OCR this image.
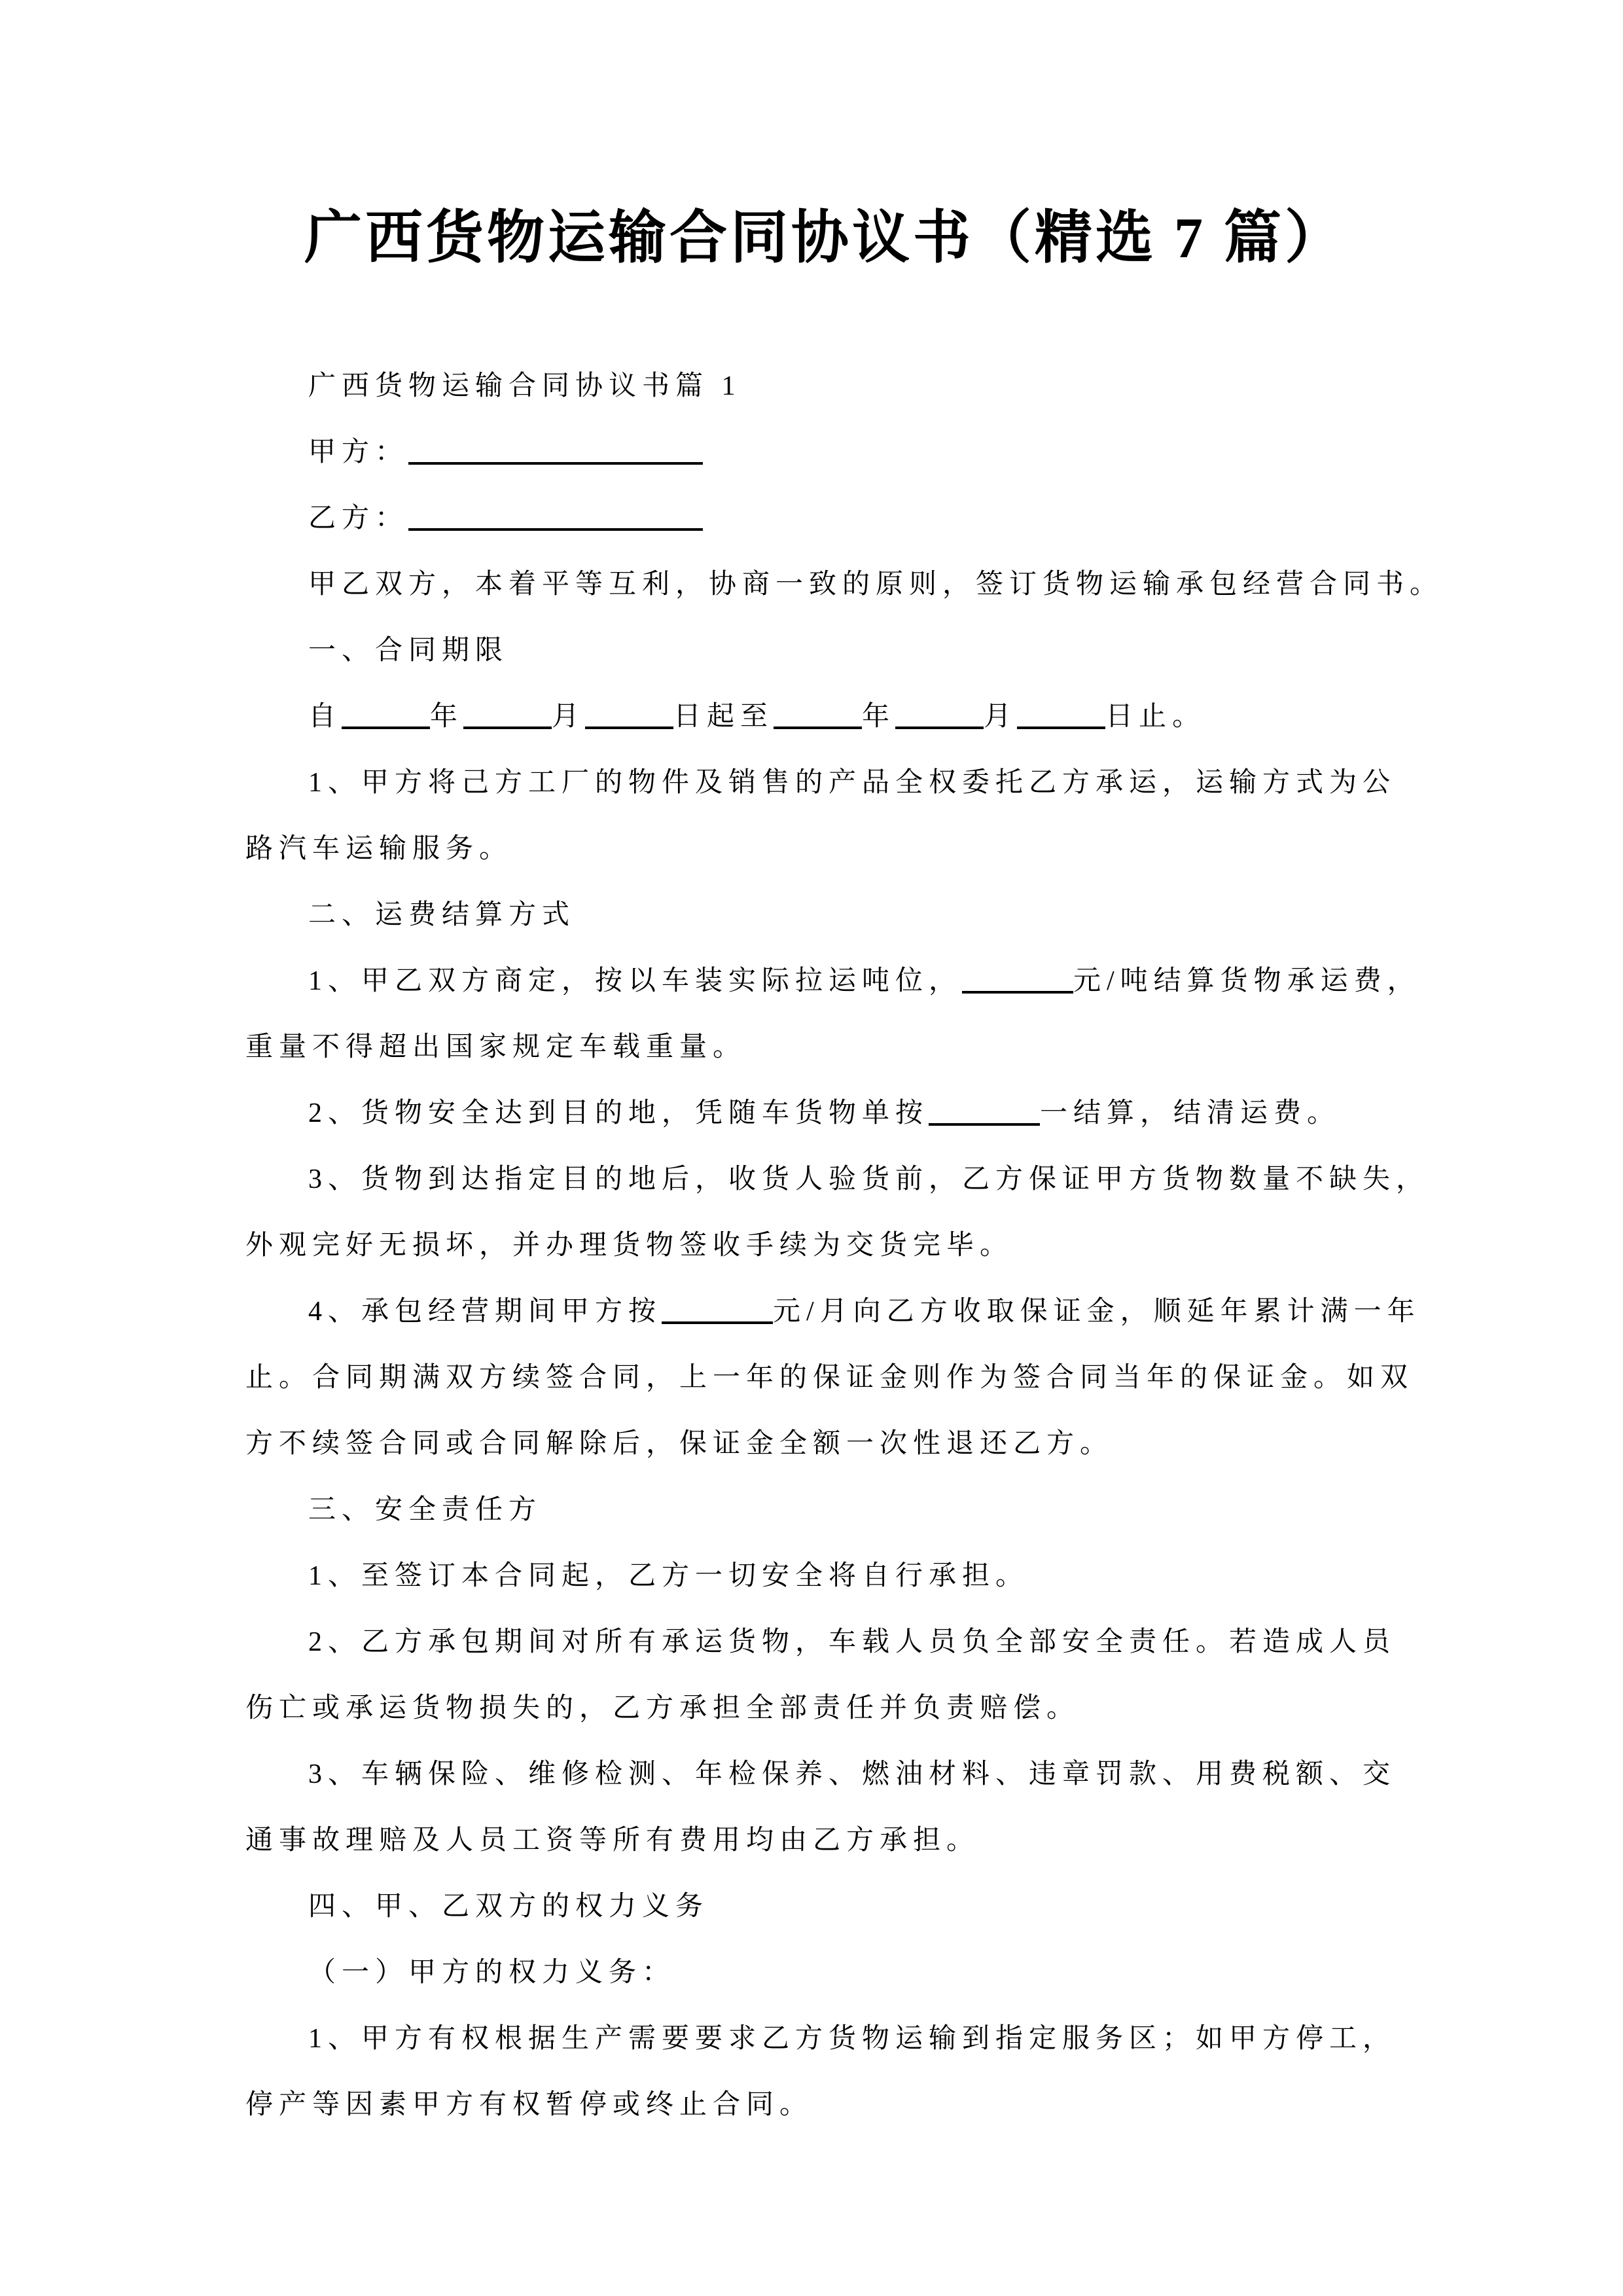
广西货物运输合同协议书（精选 7 篇）
广西货物运输合同协议书篇 1
甲方：
乙方：
甲乙双方，本着平等互利，协商一致的原则，签订货物运输承包经营合同书。
一、合同期限
自	年	月	日起至	年	月	日止。
1、甲方将己方工厂的物件及销售的产品全权委托乙方承运，运输方式为公
路汽车运输服务。
二、运费结算方式
1、甲乙双方商定，按以车装实际拉运吨位，	元/吨结算货物承运费，
重量不得超出国家规定车载重量。
2、货物安全达到目的地，凭随车货物单按	一结算，结清运费。
3、货物到达指定目的地后，收货人验货前，乙方保证甲方货物数量不缺失，
外观完好无损坏，并办理货物签收手续为交货完毕。
4、承包经营期间甲方按	元/月向乙方收取保证金，顺延年累计满一年
止。合同期满双方续签合同，上一年的保证金则作为签合同当年的保证金。如双
方不续签合同或合同解除后，保证金全额一次性退还乙方。
三、安全责任方
1、至签订本合同起，乙方一切安全将自行承担。
2、乙方承包期间对所有承运货物，车载人员负全部安全责任。若造成人员
伤亡或承运货物损失的，乙方承担全部责任并负责赔偿。
3、车辆保险、维修检测、年检保养、燃油材料、违章罚款、用费税额、交
通事故理赔及人员工资等所有费用均由乙方承担。
四、甲、乙双方的权力义务
（一）甲方的权力义务：
1、甲方有权根据生产需要要求乙方货物运输到指定服务区；如甲方停工，
停产等因素甲方有权暂停或终止合同。
